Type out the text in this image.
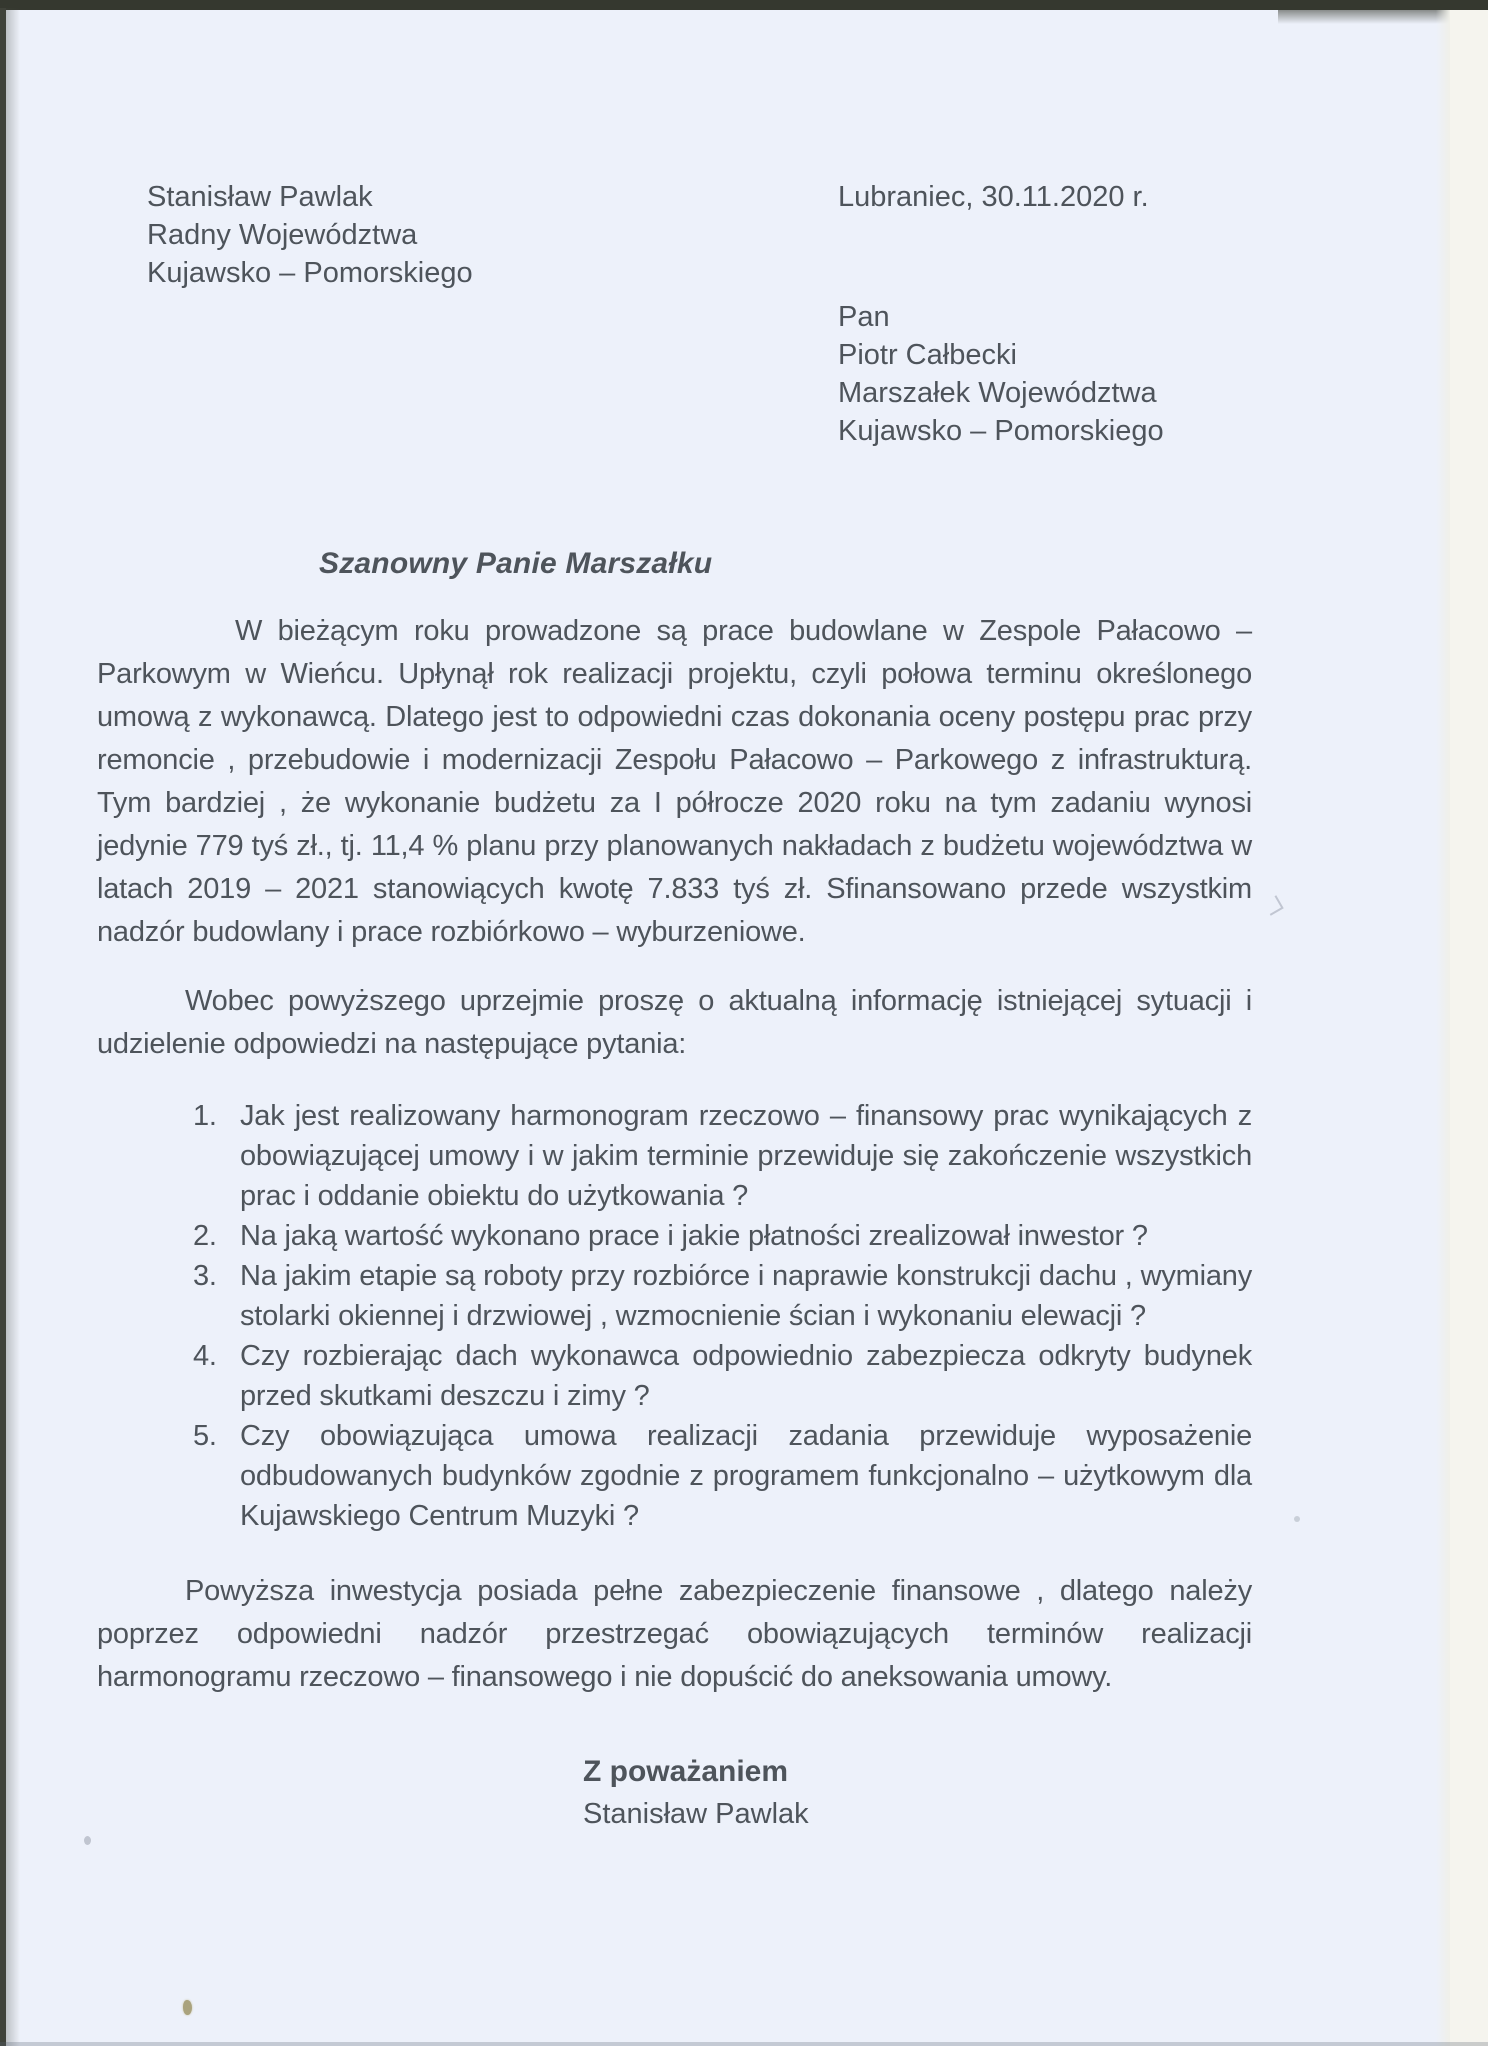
Stanisław Pawlak
Radny Województwa
Kujawsko – Pomorskiego
Lubraniec, 30.11.2020 r.
Pan
Piotr Całbecki
Marszałek Województwa
Kujawsko – Pomorskiego
Szanowny Panie Marszałku
W bieżącym roku prowadzone są prace budowlane w Zespole Pałacowo – Parkowym w Wieńcu. Upłynął rok realizacji projektu, czyli połowa terminu określonego umową z wykonawcą. Dlatego jest to odpowiedni czas dokonania oceny postępu prac przy remoncie , przebudowie i modernizacji Zespołu Pałacowo – Parkowego z infrastrukturą. Tym bardziej , że wykonanie budżetu za I półrocze 2020 roku na tym zadaniu wynosi jedynie 779 tyś zł., tj. 11,4 % planu przy planowanych nakładach z budżetu województwa w latach 2019 – 2021 stanowiących kwotę 7.833 tyś zł. Sfinansowano przede wszystkim nadzór budowlany i prace rozbiórkowo – wyburzeniowe.
Wobec powyższego uprzejmie proszę o aktualną informację istniejącej sytuacji i udzielenie odpowiedzi na następujące pytania:
1. Jak jest realizowany harmonogram rzeczowo – finansowy prac wynikających z obowiązującej umowy i w jakim terminie przewiduje się zakończenie wszystkich prac i oddanie obiektu do użytkowania ?
2. Na jaką wartość wykonano prace i jakie płatności zrealizował inwestor ?
3. Na jakim etapie są roboty przy rozbiórce i naprawie konstrukcji dachu , wymiany stolarki okiennej i drzwiowej , wzmocnienie ścian i wykonaniu elewacji ?
4. Czy rozbierając dach wykonawca odpowiednio zabezpiecza odkryty budynek przed skutkami deszczu i zimy ?
5. Czy obowiązująca umowa realizacji zadania przewiduje wyposażenie odbudowanych budynków zgodnie z programem funkcjonalno – użytkowym dla Kujawskiego Centrum Muzyki ?
Powyższa inwestycja posiada pełne zabezpieczenie finansowe , dlatego należy poprzez odpowiedni nadzór przestrzegać obowiązujących terminów realizacji harmonogramu rzeczowo – finansowego i nie dopuścić do aneksowania umowy.
Z poważaniem
Stanisław Pawlak
